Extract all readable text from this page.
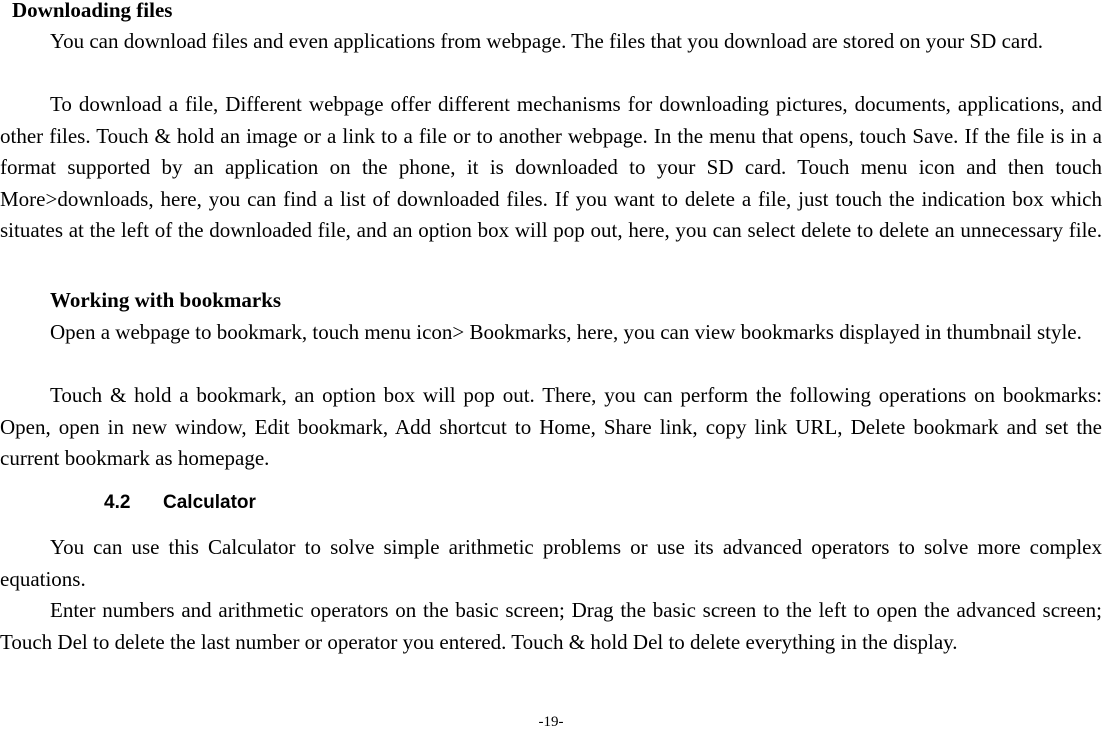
Downloading files

You can download files and even applications from webpage. The files that you download are stored on your SD card.

To download a file, Different webpage offer different mechanisms for downloading pictures, documents, applications, and other files. Touch & hold an image or a link to a file or to another webpage. In the menu that opens, touch Save. If the file is in a format supported by an application on the phone, it is downloaded to your SD card. Touch menu icon and then touch More>downloads, here, you can find a list of downloaded files. If you want to delete a file, just touch the indication box which situates at the left of the downloaded file, and an option box will pop out, here, you can select delete to delete an unnecessary file.

Working with bookmarks

Open a webpage to bookmark, touch menu icon> Bookmarks, here, you can view bookmarks displayed in thumbnail style.

Touch & hold a bookmark, an option box will pop out. There, you can perform the following operations on bookmarks: Open, open in new window, Edit bookmark, Add shortcut to Home, Share link, copy link URL, Delete bookmark and set the current bookmark as homepage.

4.2 Calculator

You can use this Calculator to solve simple arithmetic problems or use its advanced operators to solve more complex equations.

Enter numbers and arithmetic operators on the basic screen; Drag the basic screen to the left to open the advanced screen; Touch Del to delete the last number or operator you entered. Touch & hold Del to delete everything in the display.

-19-
